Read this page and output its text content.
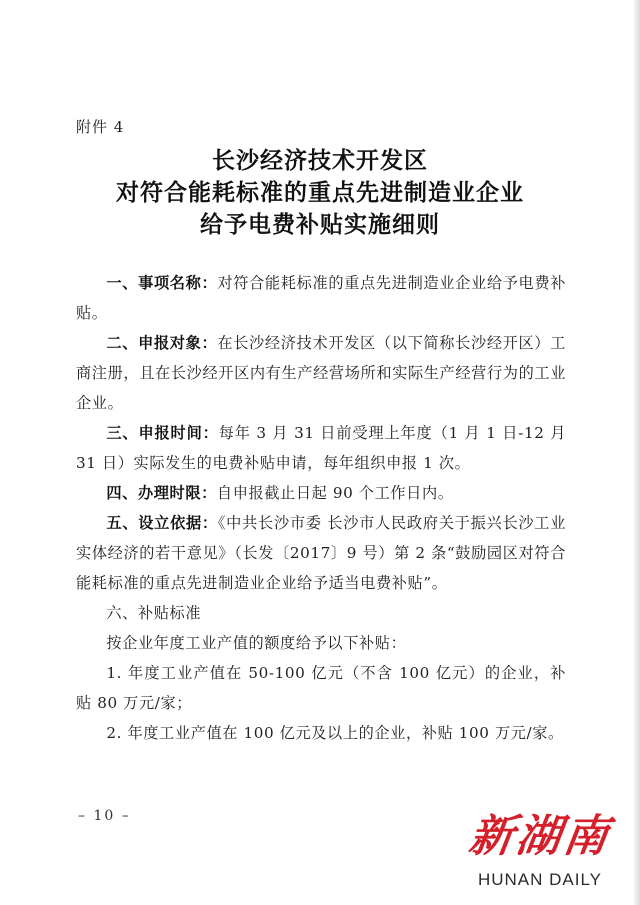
附件 4
长沙经济技术开发区
对符合能耗标准的重点先进制造业企业
给予电费补贴实施细则

一、事项名称：对符合能耗标准的重点先进制造业企业给予电费补贴。

二、申报对象：在长沙经济技术开发区（以下简称长沙经开区）工商注册，且在长沙经开区内有生产经营场所和实际生产经营行为的工业企业。

三、申报时间：每年 3 月 31 日前受理上年度（1 月 1 日-12 月 31 日）实际发生的电费补贴申请，每年组织申报 1 次。

四、办理时限：自申报截止日起 90 个工作日内。

五、设立依据：《中共长沙市委 长沙市人民政府关于振兴长沙工业实体经济的若干意见》（长发〔2017〕9 号）第 2 条“鼓励园区对符合能耗标准的重点先进制造业企业给予适当电费补贴”。

六、补贴标准

按企业年度工业产值的额度给予以下补贴：

1. 年度工业产值在 50-100 亿元（不含 100 亿元）的企业，补贴 80 万元/家；

2. 年度工业产值在 100 亿元及以上的企业，补贴 100 万元/家。

– 10 –	新湖南
HUNAN DAILY
